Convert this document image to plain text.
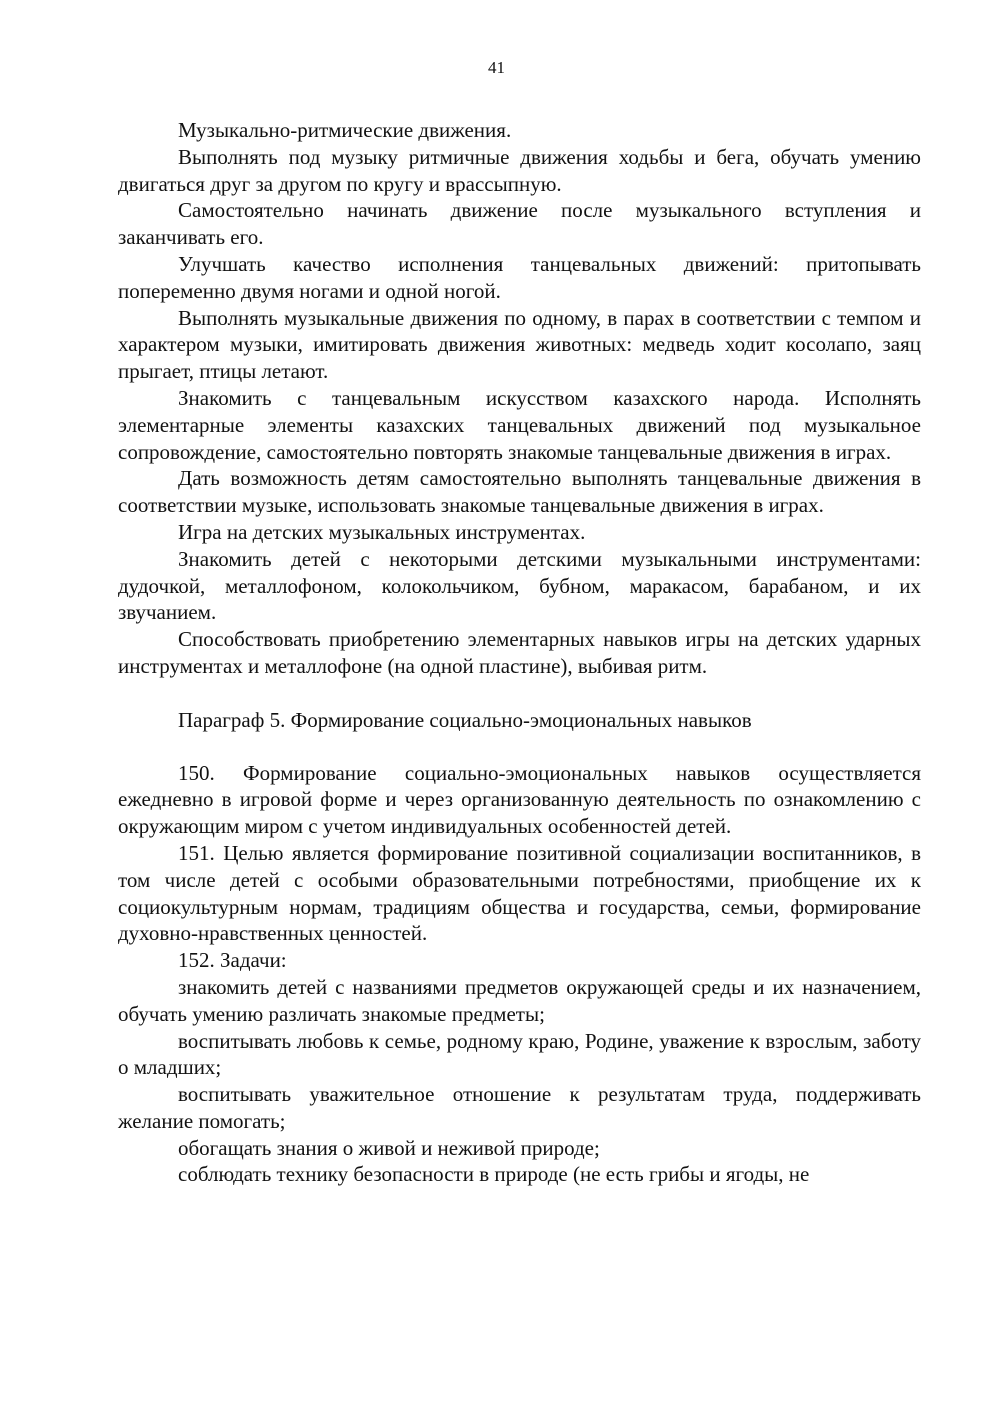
41

Музыкально-ритмические движения.

Выполнять под музыку ритмичные движения ходьбы и бега, обучать умению двигаться друг за другом по кругу и врассыпную.

Самостоятельно начинать движение после музыкального вступления и заканчивать его.

Улучшать качество исполнения танцевальных движений: притопывать попеременно двумя ногами и одной ногой.

Выполнять музыкальные движения по одному, в парах в соответствии с темпом и характером музыки, имитировать движения животных: медведь ходит косолапо, заяц прыгает, птицы летают.

Знакомить с танцевальным искусством казахского народа. Исполнять элементарные элементы казахских танцевальных движений под музыкальное сопровождение, самостоятельно повторять знакомые танцевальные движения в играх.

Дать возможность детям самостоятельно выполнять танцевальные движения в соответствии музыке, использовать знакомые танцевальные движения в играх.

Игра на детских музыкальных инструментах.

Знакомить детей с некоторыми детскими музыкальными инструментами: дудочкой, металлофоном, колокольчиком, бубном, маракасом, барабаном, и их звучанием.

Способствовать приобретению элементарных навыков игры на детских ударных инструментах и металлофоне (на одной пластине), выбивая ритм.

Параграф 5. Формирование социально-эмоциональных навыков

150. Формирование социально-эмоциональных навыков осуществляется ежедневно в игровой форме и через организованную деятельность по ознакомлению с окружающим миром с учетом индивидуальных особенностей детей.

151. Целью является формирование позитивной социализации воспитанников, в том числе детей с особыми образовательными потребностями, приобщение их к социокультурным нормам, традициям общества и государства, семьи, формирование духовно-нравственных ценностей.

152. Задачи:

знакомить детей с названиями предметов окружающей среды и их назначением, обучать умению различать знакомые предметы;

воспитывать любовь к семье, родному краю, Родине, уважение к взрослым, заботу о младших;

воспитывать уважительное отношение к результатам труда, поддерживать желание помогать;

обогащать знания о живой и неживой природе;

соблюдать технику безопасности в природе (не есть грибы и ягоды, не
